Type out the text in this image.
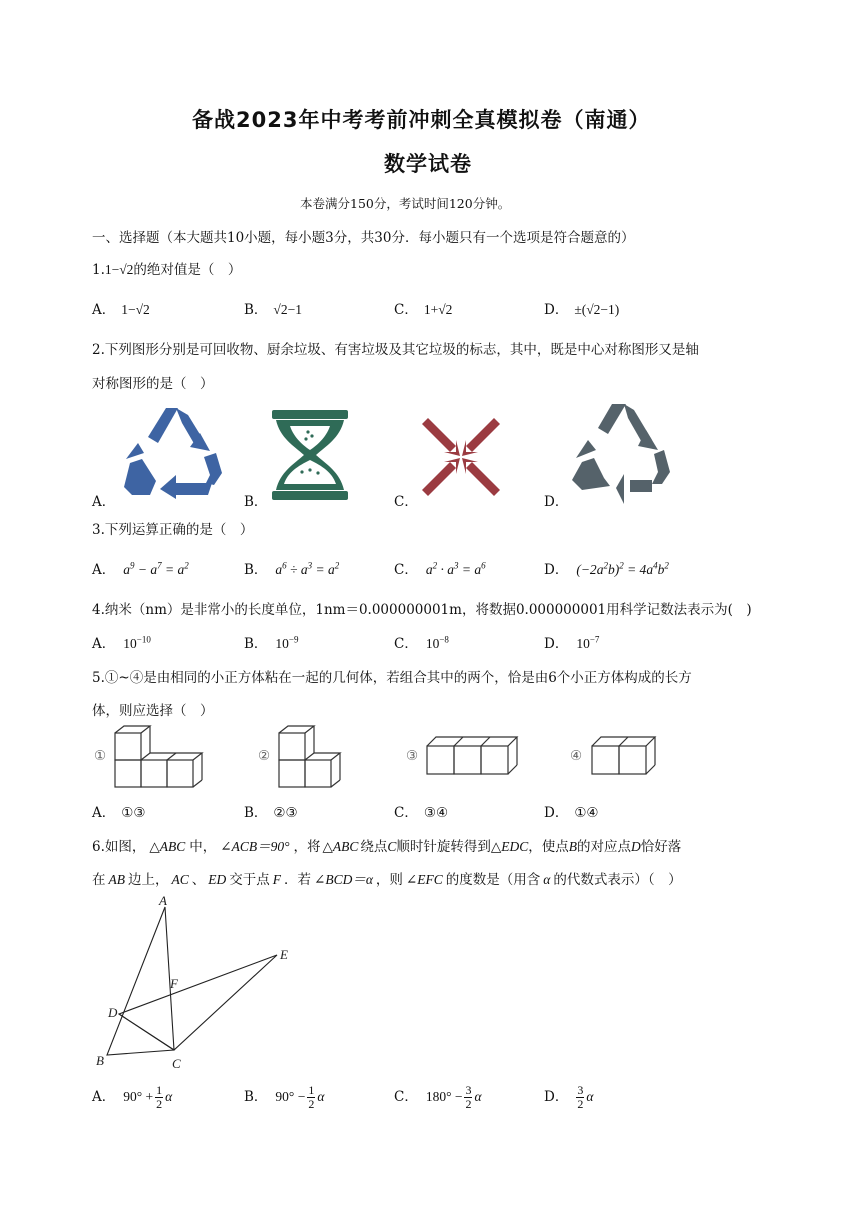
备战2023年中考考前冲刺全真模拟卷（南通）
数学试卷
本卷满分150分，考试时间120分钟。
一、选择题（本大题共10小题，每小题3分，共30分．每小题只有一个选项是符合题意的）
1.1−√2的绝对值是（　）
A． 1−√2	B． √2−1	C． 1+√2	D． ±(√2−1)
2.下列图形分别是可回收物、厨余垃圾、有害垃圾及其它垃圾的标志，其中，既是中心对称图形又是轴
对称图形的是（　）
A．	B．	C．	D．
3.下列运算正确的是（　）
A． $a^9 - a^7 = a^2$	B． $a^6 \div a^3 = a^2$	C． $a^2 \cdot a^3 = a^6$	D． $(-2a^2b)^2 = 4a^4b^2$
4.纳米（nm）是非常小的长度单位，1nm＝0.000000001m，将数据0.000000001用科学记数法表示为(　)
A． $10^{-10}$	B． $10^{-9}$	C． $10^{-8}$	D． $10^{-7}$
5.①~④是由相同的小正方体粘在一起的几何体，若组合其中的两个，恰是由6个小正方体构成的长方
体，则应选择（　）
①	②	③	④
A． ①③	B． ②③	C． ③④	D． ①④
6.如图， △ABC 中， ∠ACB＝90° ，将 △ABC 绕点C顺时针旋转得到△EDC，使点B的对应点D恰好落
在 AB 边上， AC 、 ED 交于点 F ．若 ∠BCD＝α ，则 ∠EFC 的度数是（用含 α 的代数式表示）（　）
A
B	C
D
E
F
A． $90^\circ + \frac{1}{2}$ α	B． $90^\circ - \frac{1}{2}$ α	C． $180^\circ - \frac{3}{2}$ α	D． $\frac{3}{2}$ α
